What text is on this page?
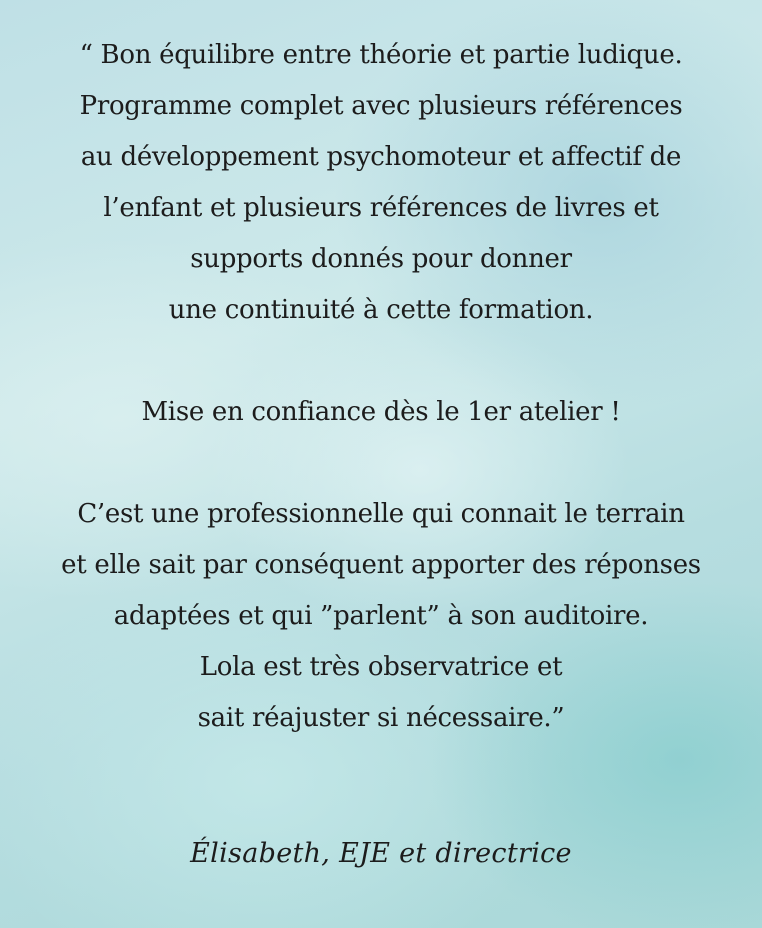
“ Bon équilibre entre théorie et partie ludique.
Programme complet avec plusieurs références
au développement psychomoteur et affectif de
l’enfant et plusieurs références de livres et
supports donnés pour donner
une continuité à cette formation.
Mise en confiance dès le 1er atelier !
C’est une professionnelle qui connait le terrain
et elle sait par conséquent apporter des réponses
adaptées et qui ”parlent” à son auditoire.
Lola est très observatrice et
sait réajuster si nécessaire.”
Élisabeth, EJE et directrice
